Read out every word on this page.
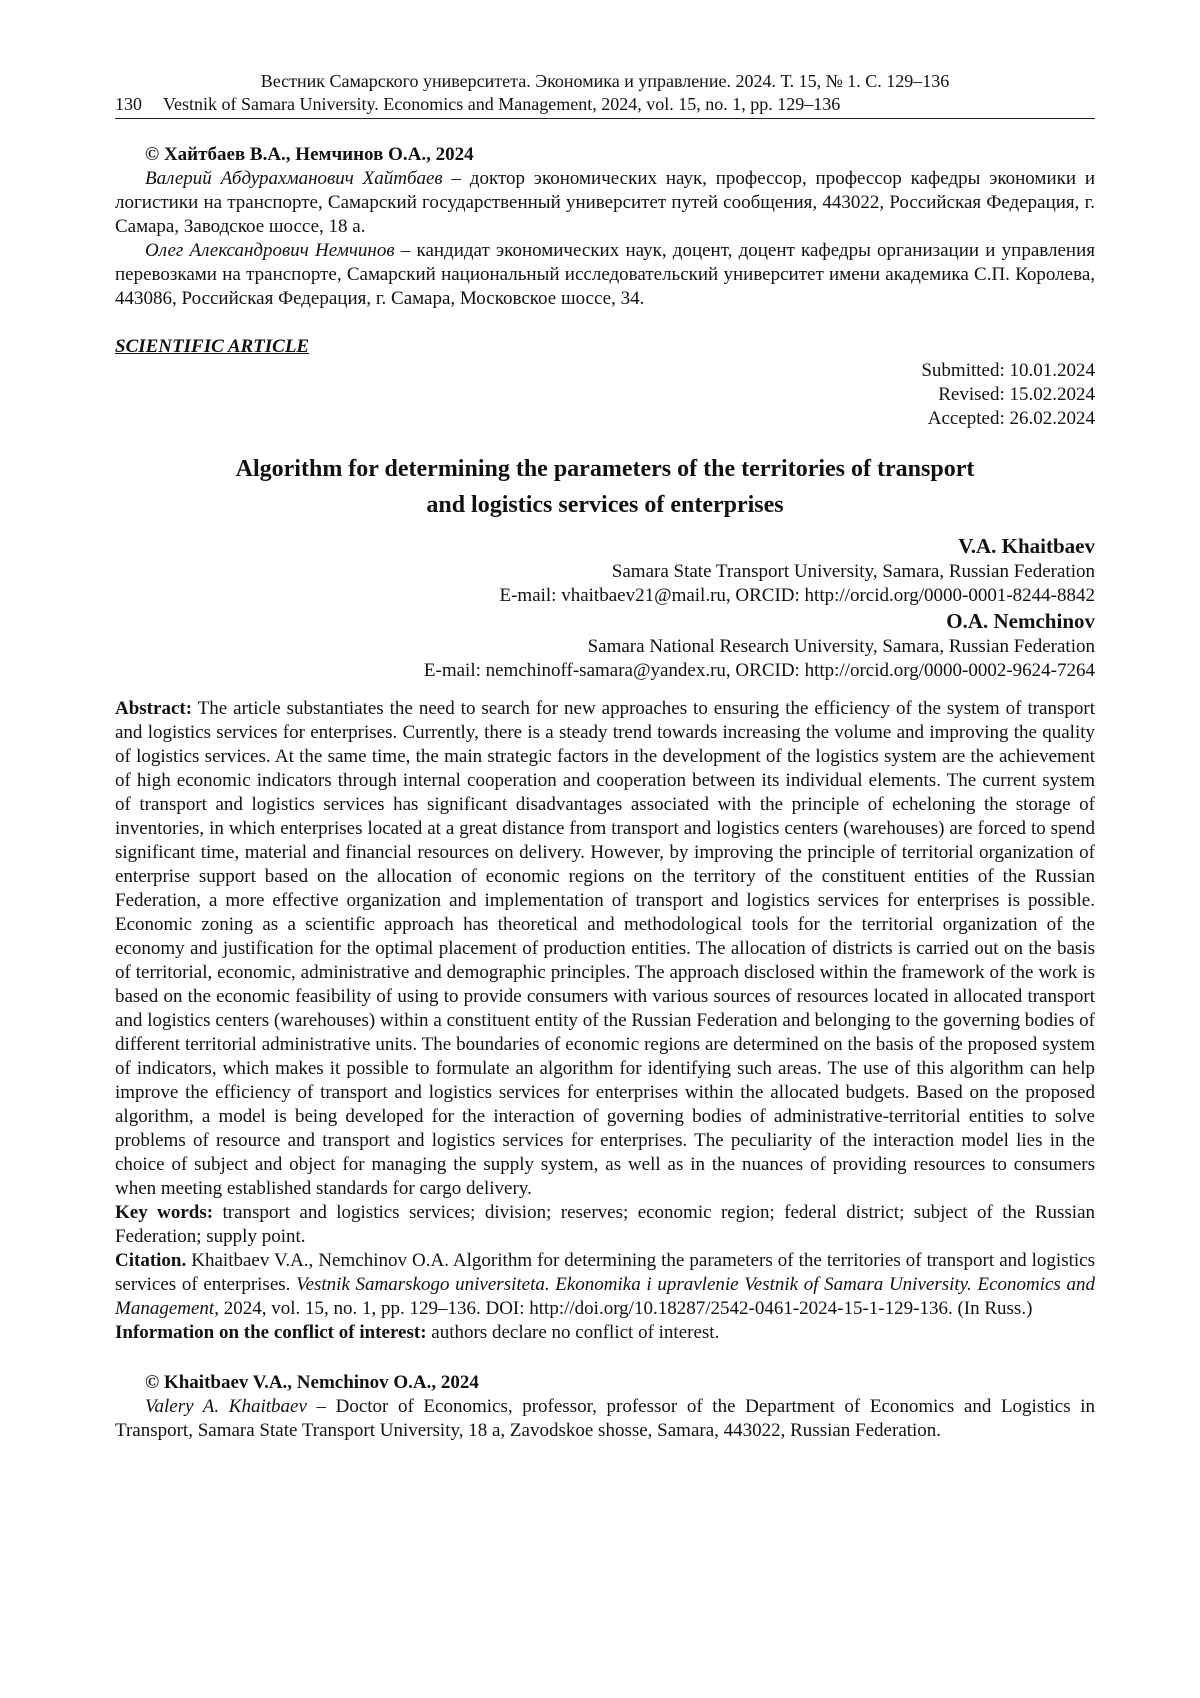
Вестник Самарского университета. Экономика и управление. 2024. Т. 15, № 1. С. 129–136
130	Vestnik of Samara University. Economics and Management, 2024, vol. 15, no. 1, pp. 129–136
© Хайтбаев В.А., Немчинов О.А., 2024
Валерий Абдурахманович Хайтбаев – доктор экономических наук, профессор, профессор кафедры экономики и логистики на транспорте, Самарский государственный университет путей сообщения, 443022, Российская Федерация, г. Самара, Заводское шоссе, 18 а.
Олег Александрович Немчинов – кандидат экономических наук, доцент, доцент кафедры организации и управления перевозками на транспорте, Самарский национальный исследовательский университет имени академика С.П. Королева, 443086, Российская Федерация, г. Самара, Московское шоссе, 34.
SCIENTIFIC ARTICLE
Submitted: 10.01.2024
Revised: 15.02.2024
Accepted: 26.02.2024
Algorithm for determining the parameters of the territories of transport
and logistics services of enterprises
V.A. Khaitbaev
Samara State Transport University, Samara, Russian Federation
E-mail: vhaitbaev21@mail.ru, ORCID: http://orcid.org/0000-0001-8244-8842
O.A. Nemchinov
Samara National Research University, Samara, Russian Federation
E-mail: nemchinoff-samara@yandex.ru, ORCID: http://orcid.org/0000-0002-9624-7264
Abstract: The article substantiates the need to search for new approaches to ensuring the efficiency of the system of transport and logistics services for enterprises. Currently, there is a steady trend towards increasing the volume and improving the quality of logistics services. At the same time, the main strategic factors in the development of the logistics system are the achievement of high economic indicators through internal cooperation and cooperation between its individual elements. The current system of transport and logistics services has significant disadvantages associated with the principle of echeloning the storage of inventories, in which enterprises located at a great distance from transport and logistics centers (warehouses) are forced to spend significant time, material and financial resources on delivery. However, by improving the principle of territorial organization of enterprise support based on the allocation of economic regions on the territory of the constituent entities of the Russian Federation, a more effective organization and implementation of transport and logistics services for enterprises is possible. Economic zoning as a scientific approach has theoretical and methodological tools for the territorial organization of the economy and justification for the optimal placement of production entities. The allocation of districts is carried out on the basis of territorial, economic, administrative and demographic principles. The approach disclosed within the framework of the work is based on the economic feasibility of using to provide consumers with various sources of resources located in allocated transport and logistics centers (warehouses) within a constituent entity of the Russian Federation and belonging to the governing bodies of different territorial administrative units. The boundaries of economic regions are determined on the basis of the proposed system of indicators, which makes it possible to formulate an algorithm for identifying such areas. The use of this algorithm can help improve the efficiency of transport and logistics services for enterprises within the allocated budgets. Based on the proposed algorithm, a model is being developed for the interaction of governing bodies of administrative-territorial entities to solve problems of resource and transport and logistics services for enterprises. The peculiarity of the interaction model lies in the choice of subject and object for managing the supply system, as well as in the nuances of providing resources to consumers when meeting established standards for cargo delivery.
Key words: transport and logistics services; division; reserves; economic region; federal district; subject of the Russian Federation; supply point.
Citation. Khaitbaev V.A., Nemchinov O.A. Algorithm for determining the parameters of the territories of transport and logistics services of enterprises. Vestnik Samarskogo universiteta. Ekonomika i upravlenie Vestnik of Samara University. Economics and Management, 2024, vol. 15, no. 1, pp. 129–136. DOI: http://doi.org/10.18287/2542-0461-2024-15-1-129-136. (In Russ.)
Information on the conflict of interest: authors declare no conflict of interest.
© Khaitbaev V.A., Nemchinov O.A., 2024
Valery A. Khaitbaev – Doctor of Economics, professor, professor of the Department of Economics and Logistics in Transport, Samara State Transport University, 18 a, Zavodskoe shosse, Samara, 443022, Russian Federation.
